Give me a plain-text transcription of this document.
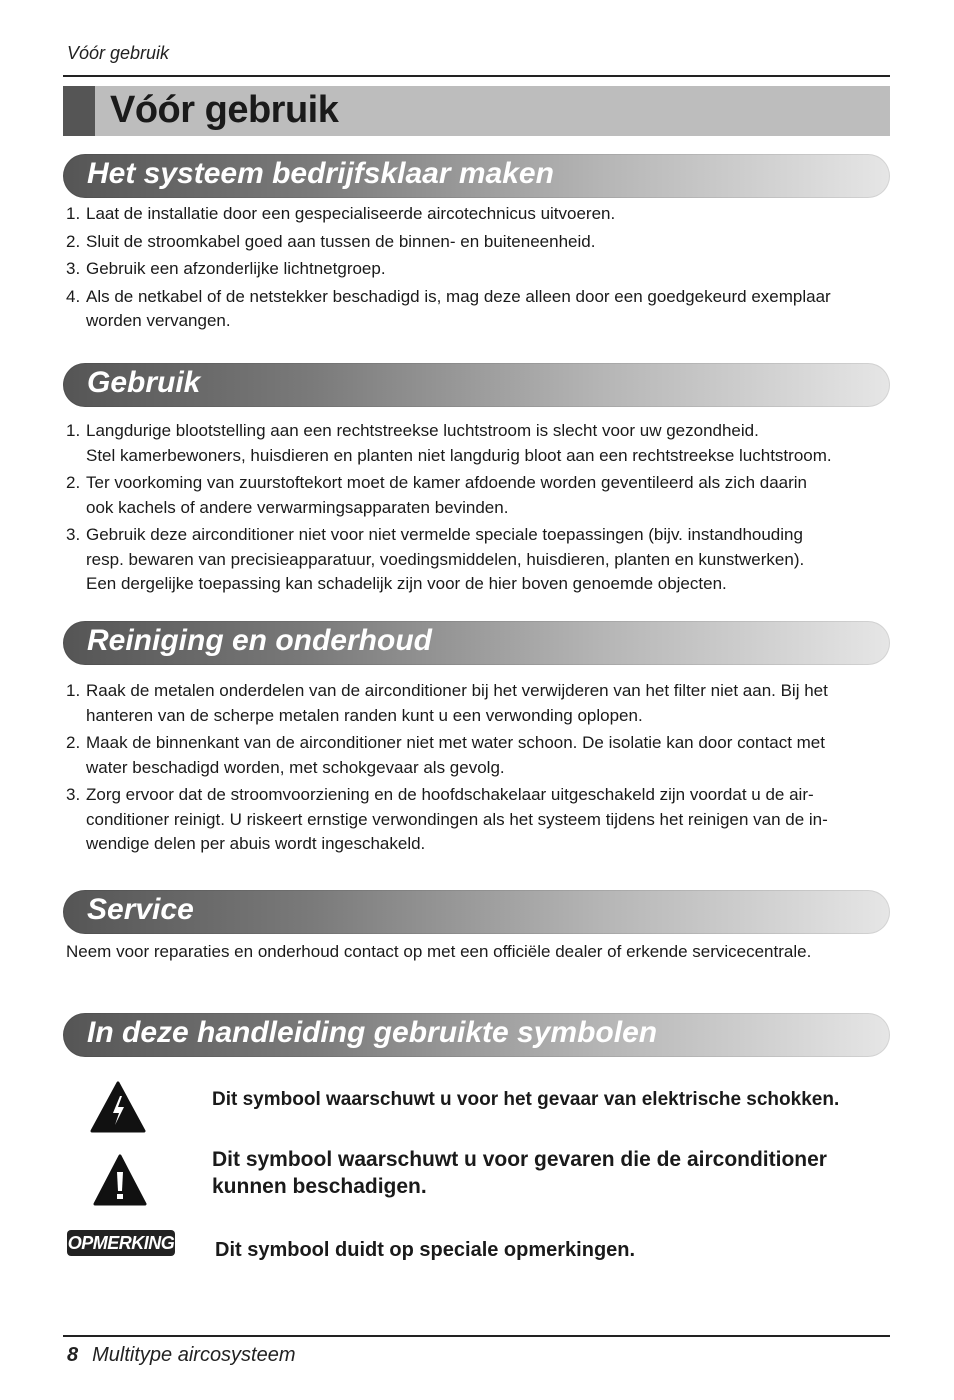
Vóór gebruik
Vóór gebruik
Het systeem bedrijfsklaar maken
1. Laat de installatie door een gespecialiseerde aircotechnicus uitvoeren.
2. Sluit de stroomkabel goed aan tussen de binnen- en buiteneenheid.
3. Gebruik een afzonderlijke lichtnetgroep.
4. Als de netkabel of de netstekker beschadigd is, mag deze alleen door een goedgekeurd exemplaar
worden vervangen.
Gebruik
1. Langdurige blootstelling aan een rechtstreekse luchtstroom is slecht voor uw gezondheid.
Stel kamerbewoners, huisdieren en planten niet langdurig bloot aan een rechtstreekse luchtstroom.
2. Ter voorkoming van zuurstoftekort moet de kamer afdoende worden geventileerd als zich daarin
ook kachels of andere verwarmingsapparaten bevinden.
3. Gebruik deze airconditioner niet voor niet vermelde speciale toepassingen (bijv. instandhouding
resp. bewaren van precisieapparatuur, voedingsmiddelen, huisdieren, planten en kunstwerken).
Een dergelijke toepassing kan schadelijk zijn voor de hier boven genoemde objecten.
Reiniging en onderhoud
1. Raak de metalen onderdelen van de airconditioner bij het verwijderen van het filter niet aan. Bij het
hanteren van de scherpe metalen randen kunt u een verwonding oplopen.
2. Maak de binnenkant van de airconditioner niet met water schoon. De isolatie kan door contact met
water beschadigd worden, met schokgevaar als gevolg.
3. Zorg ervoor dat de stroomvoorziening en de hoofdschakelaar uitgeschakeld zijn voordat u de air-
conditioner reinigt. U riskeert ernstige verwondingen als het systeem tijdens het reinigen van de in-
wendige delen per abuis wordt ingeschakeld.
Service
Neem voor reparaties en onderhoud contact op met een officiële dealer of erkende servicecentrale.
In deze handleiding gebruikte symbolen
Dit symbool waarschuwt u voor het gevaar van elektrische schokken.
Dit symbool waarschuwt u voor gevaren die de airconditioner
kunnen beschadigen.
OPMERKING Dit symbool duidt op speciale opmerkingen.
8 Multitype aircosysteem
